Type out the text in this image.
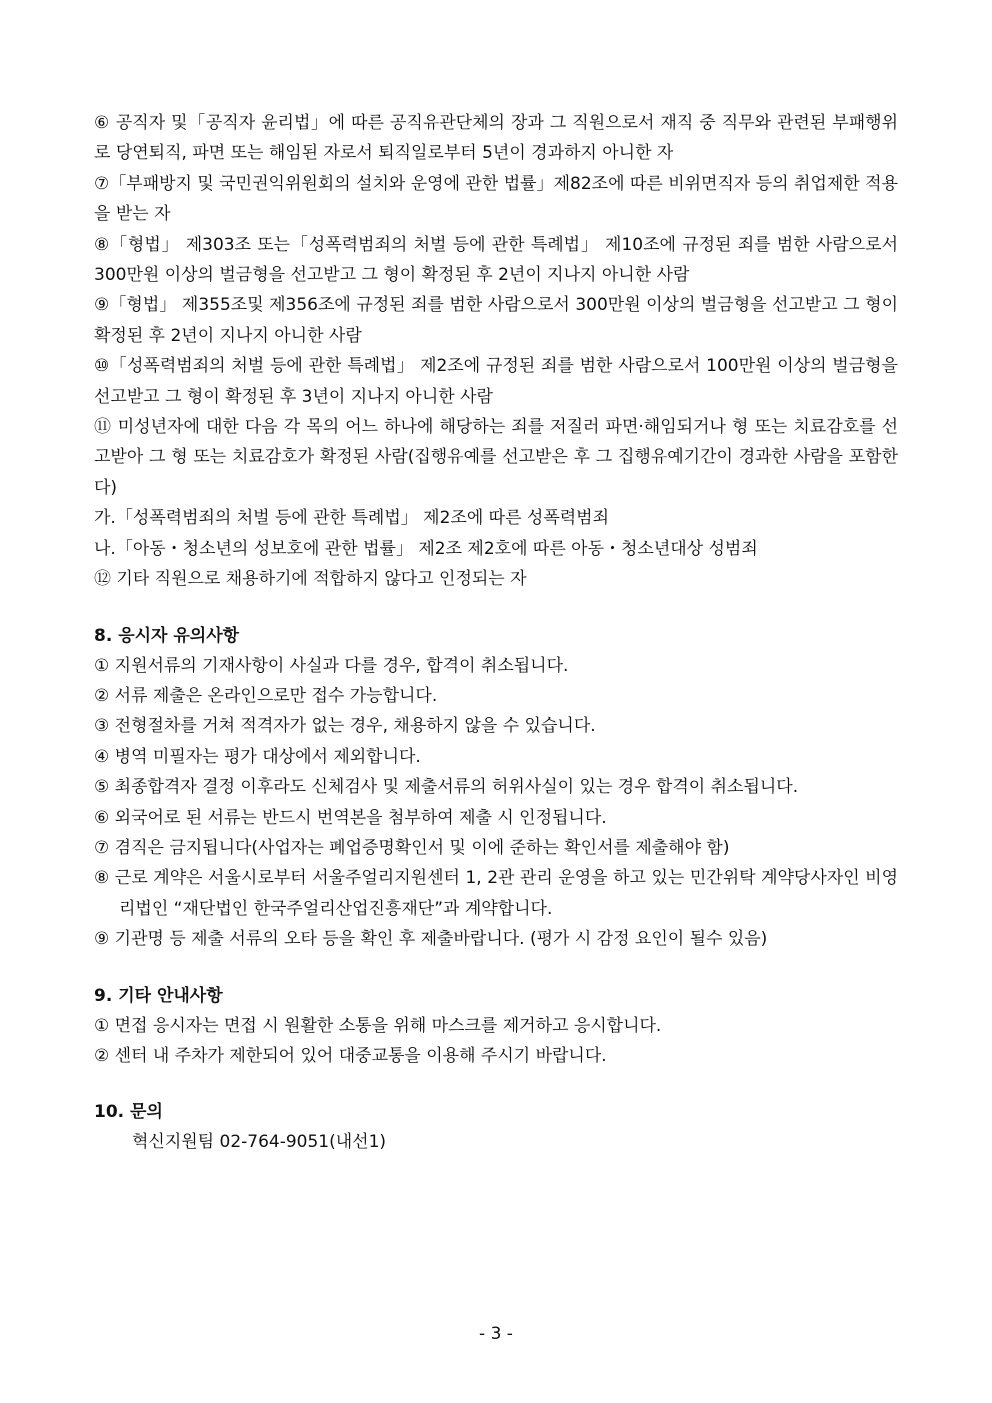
⑥ 공직자 및「공직자 윤리법」에 따른 공직유관단체의 장과 그 직원으로서 재직 중 직무와 관련된 부패행위로 당연퇴직, 파면 또는 해임된 자로서 퇴직일로부터 5년이 경과하지 아니한 자

⑦「부패방지 및 국민권익위원회의 설치와 운영에 관한 법률」제82조에 따른 비위면직자 등의 취업제한 적용을 받는 자

⑧「형법」 제303조 또는「성폭력범죄의 처벌 등에 관한 특례법」 제10조에 규정된 죄를 범한 사람으로서 300만원 이상의 벌금형을 선고받고 그 형이 확정된 후 2년이 지나지 아니한 사람

⑨「형법」 제355조및 제356조에 규정된 죄를 범한 사람으로서 300만원 이상의 벌금형을 선고받고 그 형이 확정된 후 2년이 지나지 아니한 사람

⑩「성폭력범죄의 처벌 등에 관한 특례법」 제2조에 규정된 죄를 범한 사람으로서 100만원 이상의 벌금형을 선고받고 그 형이 확정된 후 3년이 지나지 아니한 사람

⑪ 미성년자에 대한 다음 각 목의 어느 하나에 해당하는 죄를 저질러 파면·해임되거나 형 또는 치료감호를 선고받아 그 형 또는 치료감호가 확정된 사람(집행유예를 선고받은 후 그 집행유예기간이 경과한 사람을 포함한다)

가.「성폭력범죄의 처벌 등에 관한 특례법」 제2조에 따른 성폭력범죄

나.「아동・청소년의 성보호에 관한 법률」 제2조 제2호에 따른 아동・청소년대상 성범죄

⑫ 기타 직원으로 채용하기에 적합하지 않다고 인정되는 자

8. 응시자 유의사항

① 지원서류의 기재사항이 사실과 다를 경우, 합격이 취소됩니다.

② 서류 제출은 온라인으로만 접수 가능합니다.

③ 전형절차를 거쳐 적격자가 없는 경우, 채용하지 않을 수 있습니다.

④ 병역 미필자는 평가 대상에서 제외합니다.

⑤ 최종합격자 결정 이후라도 신체검사 및 제출서류의 허위사실이 있는 경우 합격이 취소됩니다.

⑥ 외국어로 된 서류는 반드시 번역본을 첨부하여 제출 시 인정됩니다.

⑦ 겸직은 금지됩니다(사업자는 폐업증명확인서 및 이에 준하는 확인서를 제출해야 함)

⑧ 근로 계약은 서울시로부터 서울주얼리지원센터 1, 2관 관리 운영을 하고 있는 민간위탁 계약당사자인 비영리법인 “재단법인 한국주얼리산업진흥재단”과 계약합니다.

⑨ 기관명 등 제출 서류의 오타 등을 확인 후 제출바랍니다. (평가 시 감정 요인이 될수 있음)

9. 기타 안내사항

① 면접 응시자는 면접 시 원활한 소통을 위해 마스크를 제거하고 응시합니다.

② 센터 내 주차가 제한되어 있어 대중교통을 이용해 주시기 바랍니다.

10. 문의

혁신지원팀 02-764-9051(내선1)

- 3 -
